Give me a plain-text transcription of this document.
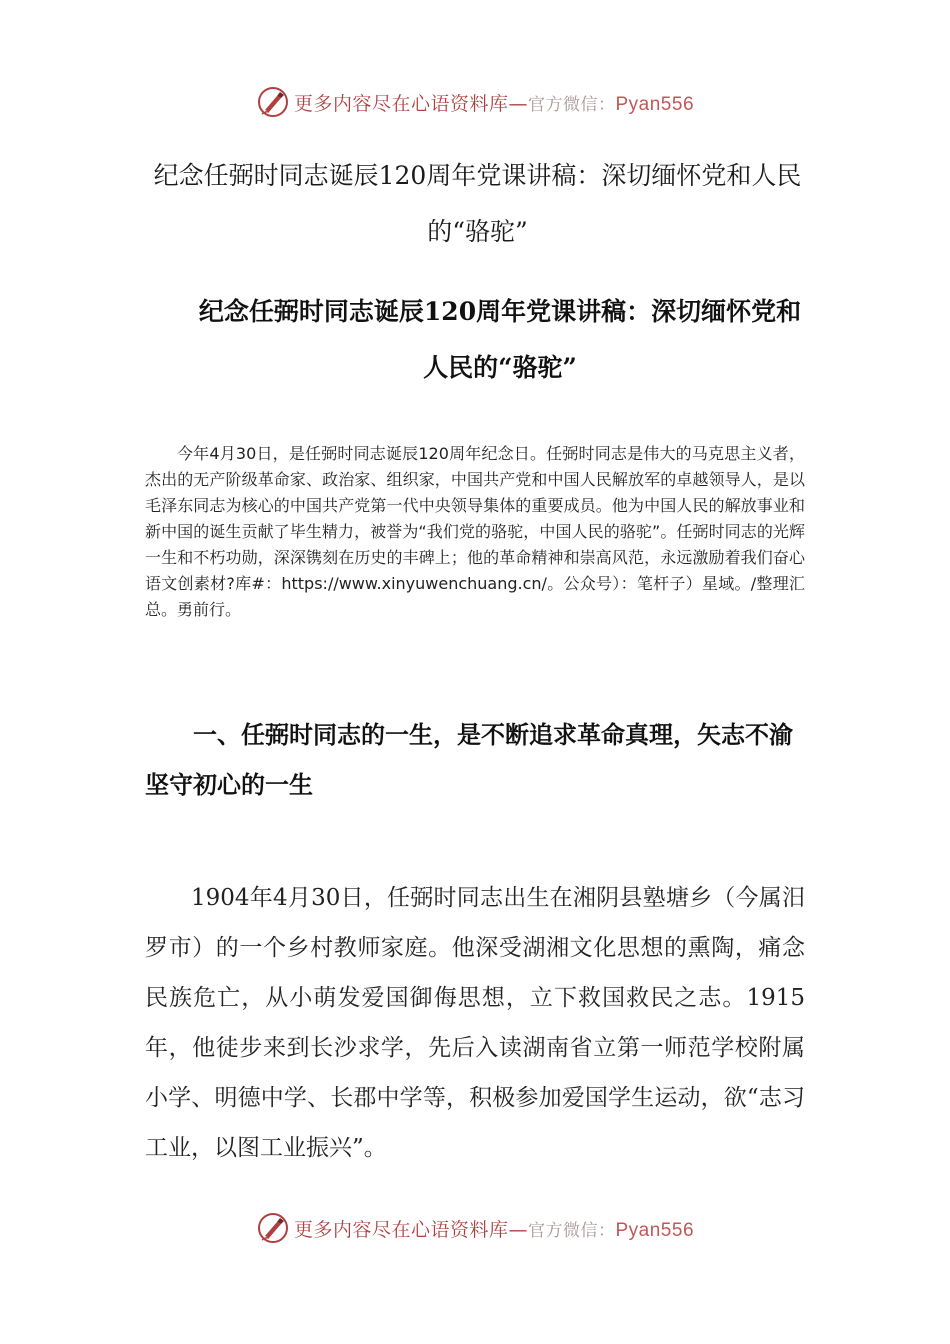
更多内容尽在心语资料库—官方微信：Pyan556
纪念任弼时同志诞辰120周年党课讲稿：深切缅怀党和人民
的“骆驼”
纪念任弼时同志诞辰120周年党课讲稿：深切缅怀党和
人民的“骆驼”

今年4月30日，是任弼时同志诞辰120周年纪念日。任弼时同志是伟大的马克思主义者，杰出的无产阶级革命家、政治家、组织家，中国共产党和中国人民解放军的卓越领导人，是以毛泽东同志为核心的中国共产党第一代中央领导集体的重要成员。他为中国人民的解放事业和新中国的诞生贡献了毕生精力，被誉为“我们党的骆驼，中国人民的骆驼”。任弼时同志的光辉一生和不朽功勋，深深镌刻在历史的丰碑上；他的革命精神和崇高风范，永远激励着我们奋心语文创素材?库#：https://www.xinyuwenchuang.cn/。公众号）：笔杆子）星域。/整理汇总。勇前行。

一、任弼时同志的一生，是不断追求革命真理，矢志不渝坚守初心的一生

1904年4月30日，任弼时同志出生在湘阴县塾塘乡（今属汨罗市）的一个乡村教师家庭。他深受湖湘文化思想的熏陶，痛念民族危亡，从小萌发爱国御侮思想，立下救国救民之志。1915年，他徒步来到长沙求学，先后入读湖南省立第一师范学校附属小学、明德中学、长郡中学等，积极参加爱国学生运动，欲“志习工业，以图工业振兴”。

更多内容尽在心语资料库—官方微信：Pyan556
